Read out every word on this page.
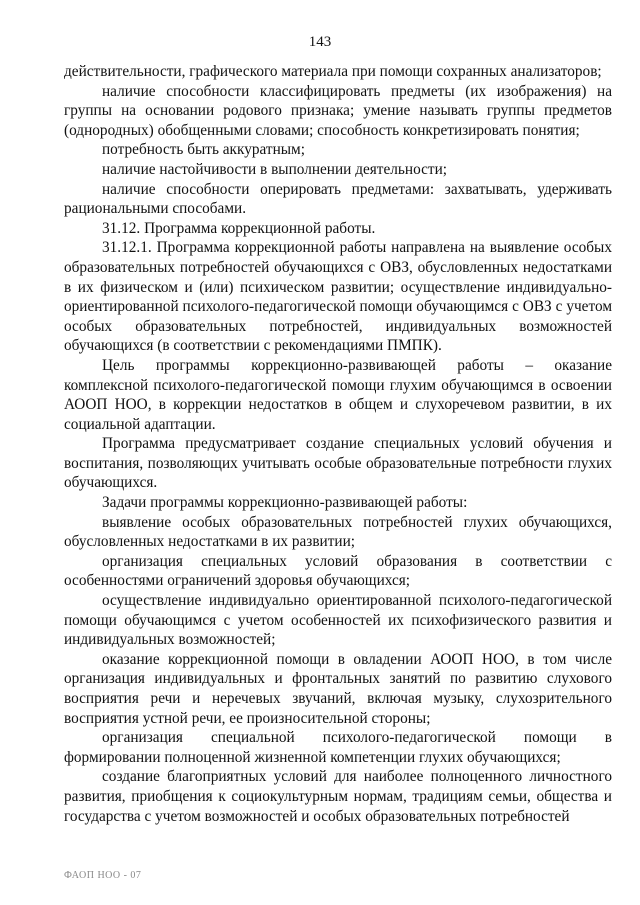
143

действительности, графического материала при помощи сохранных анализаторов;

наличие способности классифицировать предметы (их изображения) на группы на основании родового признака; умение называть группы предметов (однородных) обобщенными словами; способность конкретизировать понятия;

потребность быть аккуратным;

наличие настойчивости в выполнении деятельности;

наличие способности оперировать предметами: захватывать, удерживать рациональными способами.

31.12. Программа коррекционной работы.

31.12.1. Программа коррекционной работы направлена на выявление особых образовательных потребностей обучающихся с ОВЗ, обусловленных недостатками в их физическом и (или) психическом развитии; осуществление индивидуально-ориентированной психолого-педагогической помощи обучающимся с ОВЗ с учетом особых образовательных потребностей, индивидуальных возможностей обучающихся (в соответствии с рекомендациями ПМПК).

Цель программы коррекционно-развивающей работы – оказание комплексной психолого-педагогической помощи глухим обучающимся в освоении АООП НОО, в коррекции недостатков в общем и слухоречевом развитии, в их социальной адаптации.

Программа предусматривает создание специальных условий обучения и воспитания, позволяющих учитывать особые образовательные потребности глухих обучающихся.

Задачи программы коррекционно-развивающей работы:

выявление особых образовательных потребностей глухих обучающихся, обусловленных недостатками в их развитии;

организация специальных условий образования в соответствии с особенностями ограничений здоровья обучающихся;

осуществление индивидуально ориентированной психолого-педагогической помощи обучающимся с учетом особенностей их психофизического развития и индивидуальных возможностей;

оказание коррекционной помощи в овладении АООП НОО, в том числе организация индивидуальных и фронтальных занятий по развитию слухового восприятия речи и неречевых звучаний, включая музыку, слухозрительного восприятия устной речи, ее произносительной стороны;

организация специальной психолого-педагогической помощи в формировании полноценной жизненной компетенции глухих обучающихся;

создание благоприятных условий для наиболее полноценного личностного развития, приобщения к социокультурным нормам, традициям семьи, общества и государства с учетом возможностей и особых образовательных потребностей

ФАОП НОО - 07
